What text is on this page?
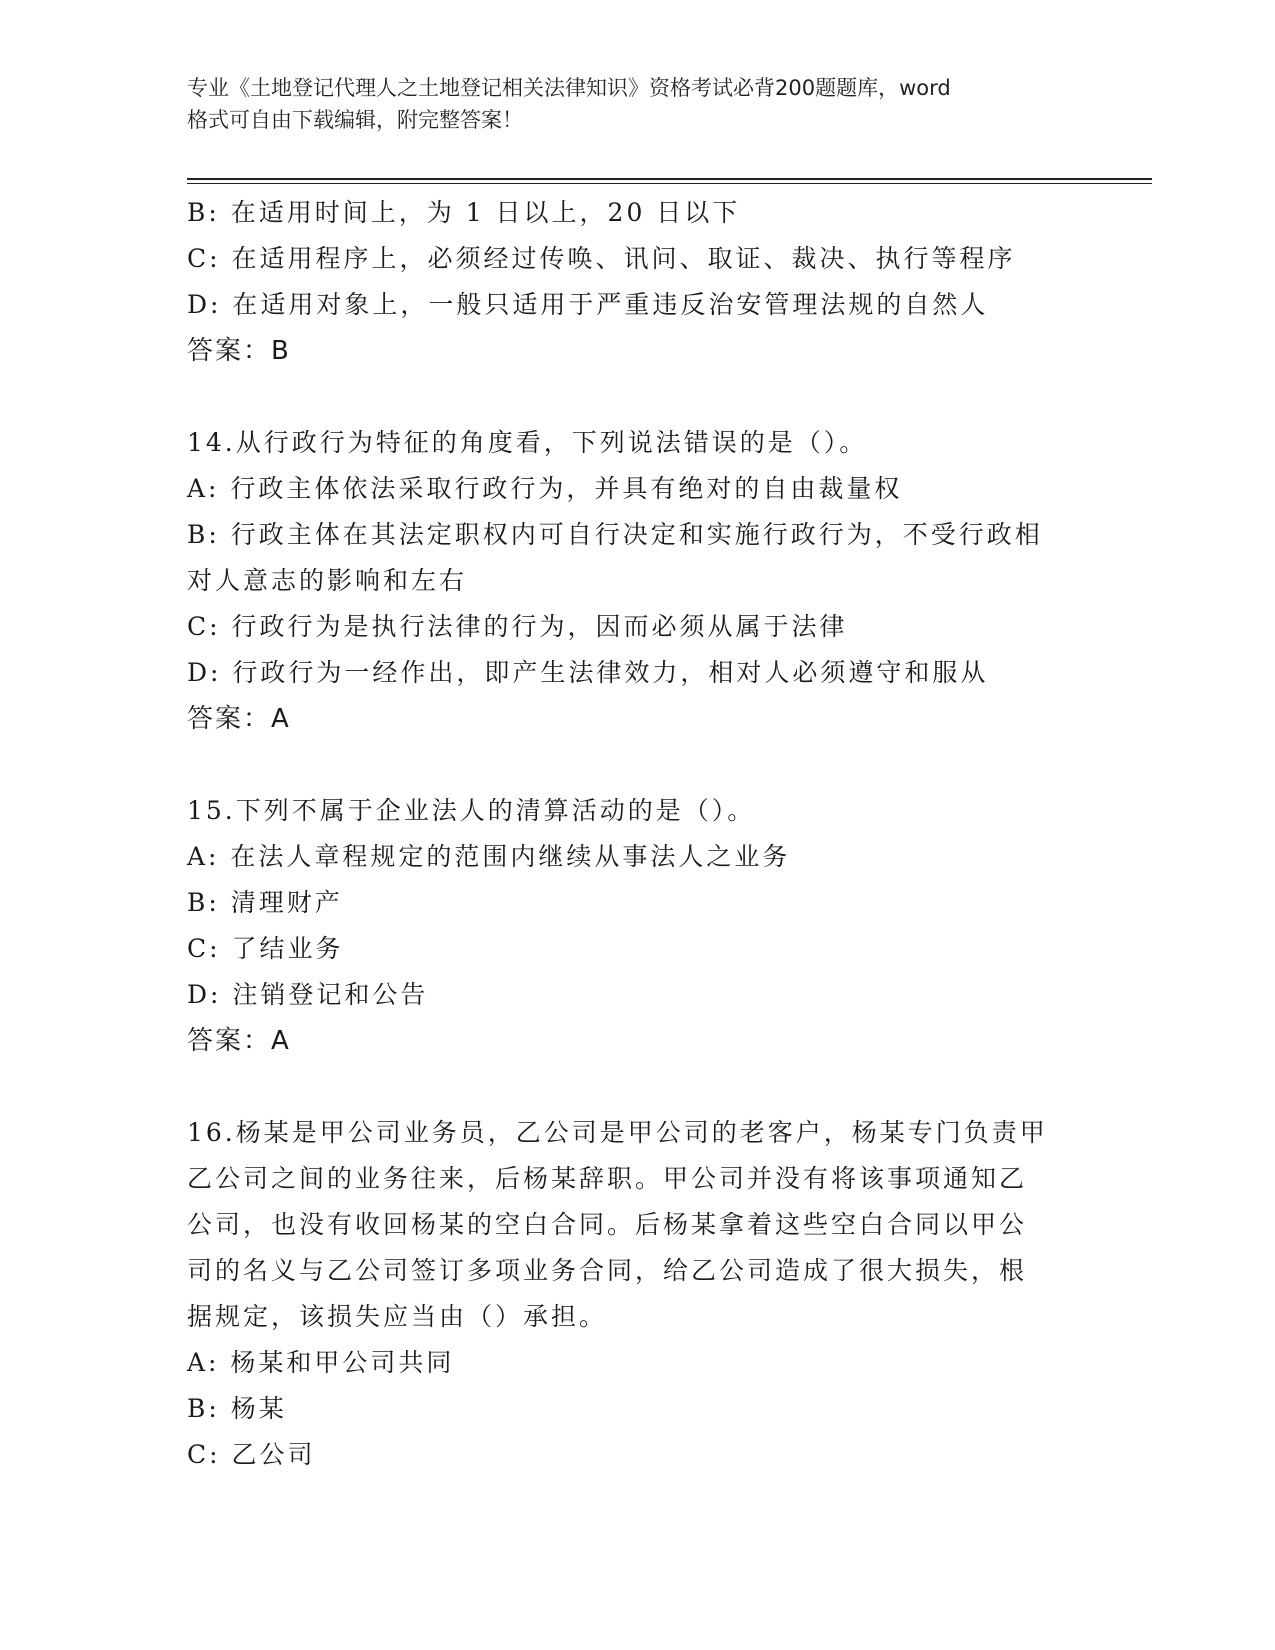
专业《土地登记代理人之土地登记相关法律知识》资格考试必背200题题库，word
格式可自由下载编辑，附完整答案！

B: 在适用时间上，为 1 日以上，20 日以下

C: 在适用程序上，必须经过传唤、讯问、取证、裁决、执行等程序

D: 在适用对象上，一般只适用于严重违反治安管理法规的自然人

答案：B

14.从行政行为特征的角度看，下列说法错误的是（）。

A: 行政主体依法采取行政行为，并具有绝对的自由裁量权

B: 行政主体在其法定职权内可自行决定和实施行政行为，不受行政相

对人意志的影响和左右

C: 行政行为是执行法律的行为，因而必须从属于法律

D: 行政行为一经作出，即产生法律效力，相对人必须遵守和服从

答案：A

15.下列不属于企业法人的清算活动的是（）。

A: 在法人章程规定的范围内继续从事法人之业务

B: 清理财产

C: 了结业务

D: 注销登记和公告

答案：A

16.杨某是甲公司业务员，乙公司是甲公司的老客户，杨某专门负责甲

乙公司之间的业务往来，后杨某辞职。甲公司并没有将该事项通知乙

公司，也没有收回杨某的空白合同。后杨某拿着这些空白合同以甲公

司的名义与乙公司签订多项业务合同，给乙公司造成了很大损失，根

据规定，该损失应当由（）承担。

A: 杨某和甲公司共同

B: 杨某

C: 乙公司
